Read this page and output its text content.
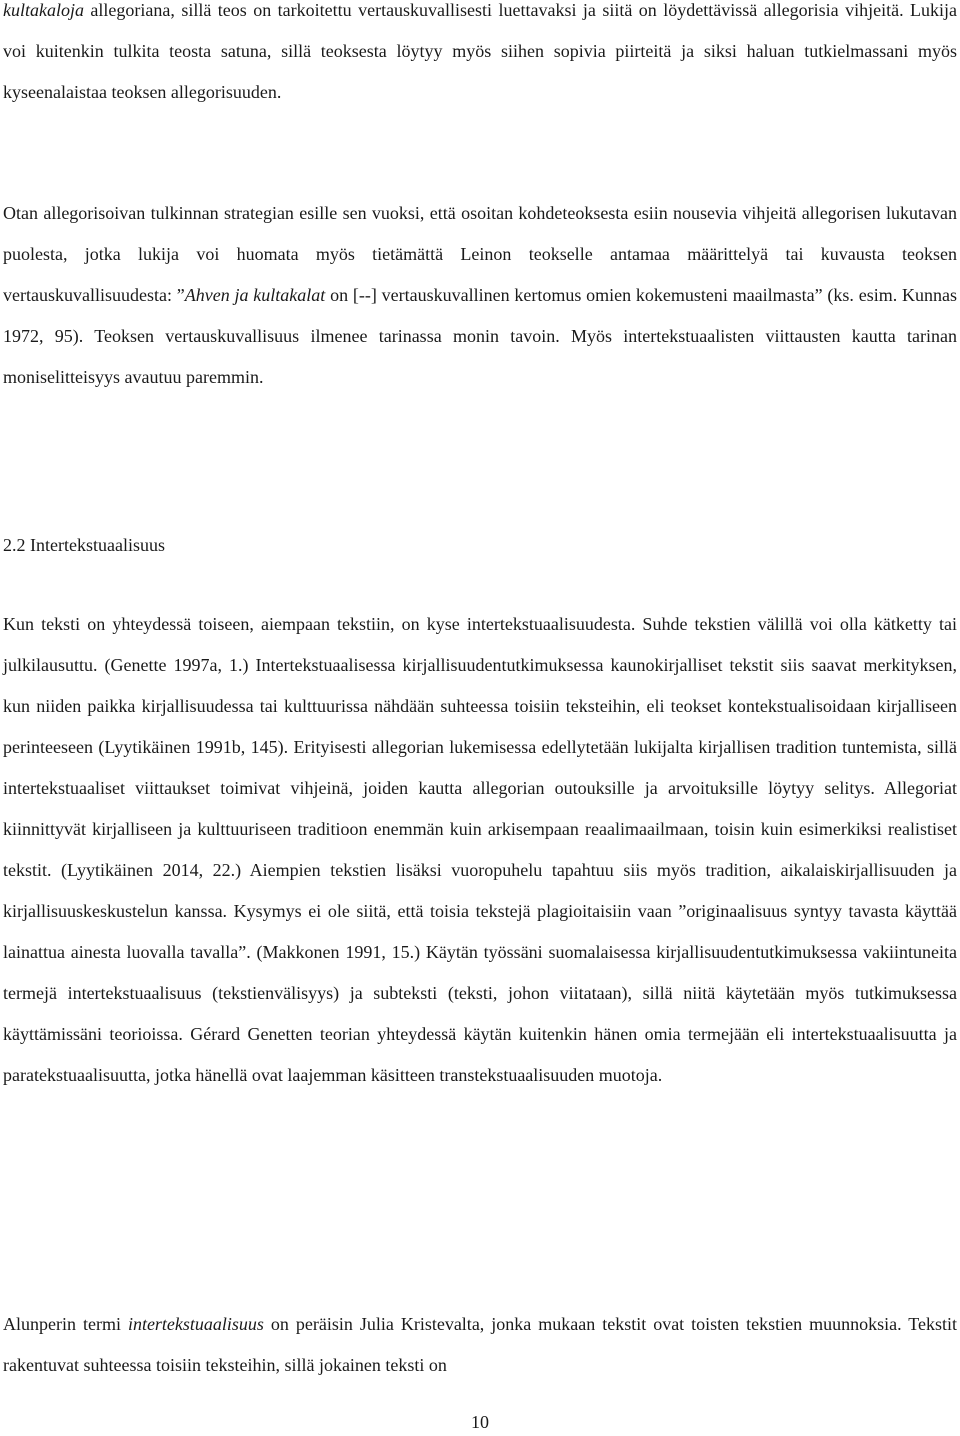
kultakaloja allegoriana, sillä teos on tarkoitettu vertauskuvallisesti luettavaksi ja siitä on löydettävissä allegorisia vihjeitä. Lukija voi kuitenkin tulkita teosta satuna, sillä teoksesta löytyy myös siihen sopivia piirteitä ja siksi haluan tutkielmassani myös kyseenalaistaa teoksen allegorisuuden.

Otan allegorisoivan tulkinnan strategian esille sen vuoksi, että osoitan kohdeteoksesta esiin nousevia vihjeitä allegorisen lukutavan puolesta, jotka lukija voi huomata myös tietämättä Leinon teokselle antamaa määrittelyä tai kuvausta teoksen vertauskuvallisuudesta: ”Ahven ja kultakalat on [--] vertauskuvallinen kertomus omien kokemusteni maailmasta” (ks. esim. Kunnas 1972, 95). Teoksen vertauskuvallisuus ilmenee tarinassa monin tavoin. Myös intertekstuaalisten viittausten kautta tarinan moniselitteisyys avautuu paremmin.

2.2 Intertekstuaalisuus

Kun teksti on yhteydessä toiseen, aiempaan tekstiin, on kyse intertekstuaalisuudesta. Suhde tekstien välillä voi olla kätketty tai julkilausuttu. (Genette 1997a, 1.) Intertekstuaalisessa kirjallisuudentutkimuksessa kaunokirjalliset tekstit siis saavat merkityksen, kun niiden paikka kirjallisuudessa tai kulttuurissa nähdään suhteessa toisiin teksteihin, eli teokset kontekstualisoidaan kirjalliseen perinteeseen (Lyytikäinen 1991b, 145). Erityisesti allegorian lukemisessa edellytetään lukijalta kirjallisen tradition tuntemista, sillä intertekstuaaliset viittaukset toimivat vihjeinä, joiden kautta allegorian outouksille ja arvoituksille löytyy selitys. Allegoriat kiinnittyvät kirjalliseen ja kulttuuriseen traditioon enemmän kuin arkisempaan reaalimaailmaan, toisin kuin esimerkiksi realistiset tekstit. (Lyytikäinen 2014, 22.) Aiempien tekstien lisäksi vuoropuhelu tapahtuu siis myös tradition, aikalaiskirjallisuuden ja kirjallisuuskeskustelun kanssa. Kysymys ei ole siitä, että toisia tekstejä plagioitaisiin vaan ”originaalisuus syntyy tavasta käyttää lainattua ainesta luovalla tavalla”. (Makkonen 1991, 15.) Käytän työssäni suomalaisessa kirjallisuudentutkimuksessa vakiintuneita termejä intertekstuaalisuus (tekstienvälisyys) ja subteksti (teksti, johon viitataan), sillä niitä käytetään myös tutkimuksessa käyttämissäni teorioissa. Gérard Genetten teorian yhteydessä käytän kuitenkin hänen omia termejään eli intertekstuaalisuutta ja paratekstuaalisuutta, jotka hänellä ovat laajemman käsitteen transtekstuaalisuuden muotoja.

Alunperin termi intertekstuaalisuus on peräisin Julia Kristevalta, jonka mukaan tekstit ovat toisten tekstien muunnoksia. Tekstit rakentuvat suhteessa toisiin teksteihin, sillä jokainen teksti on

10
